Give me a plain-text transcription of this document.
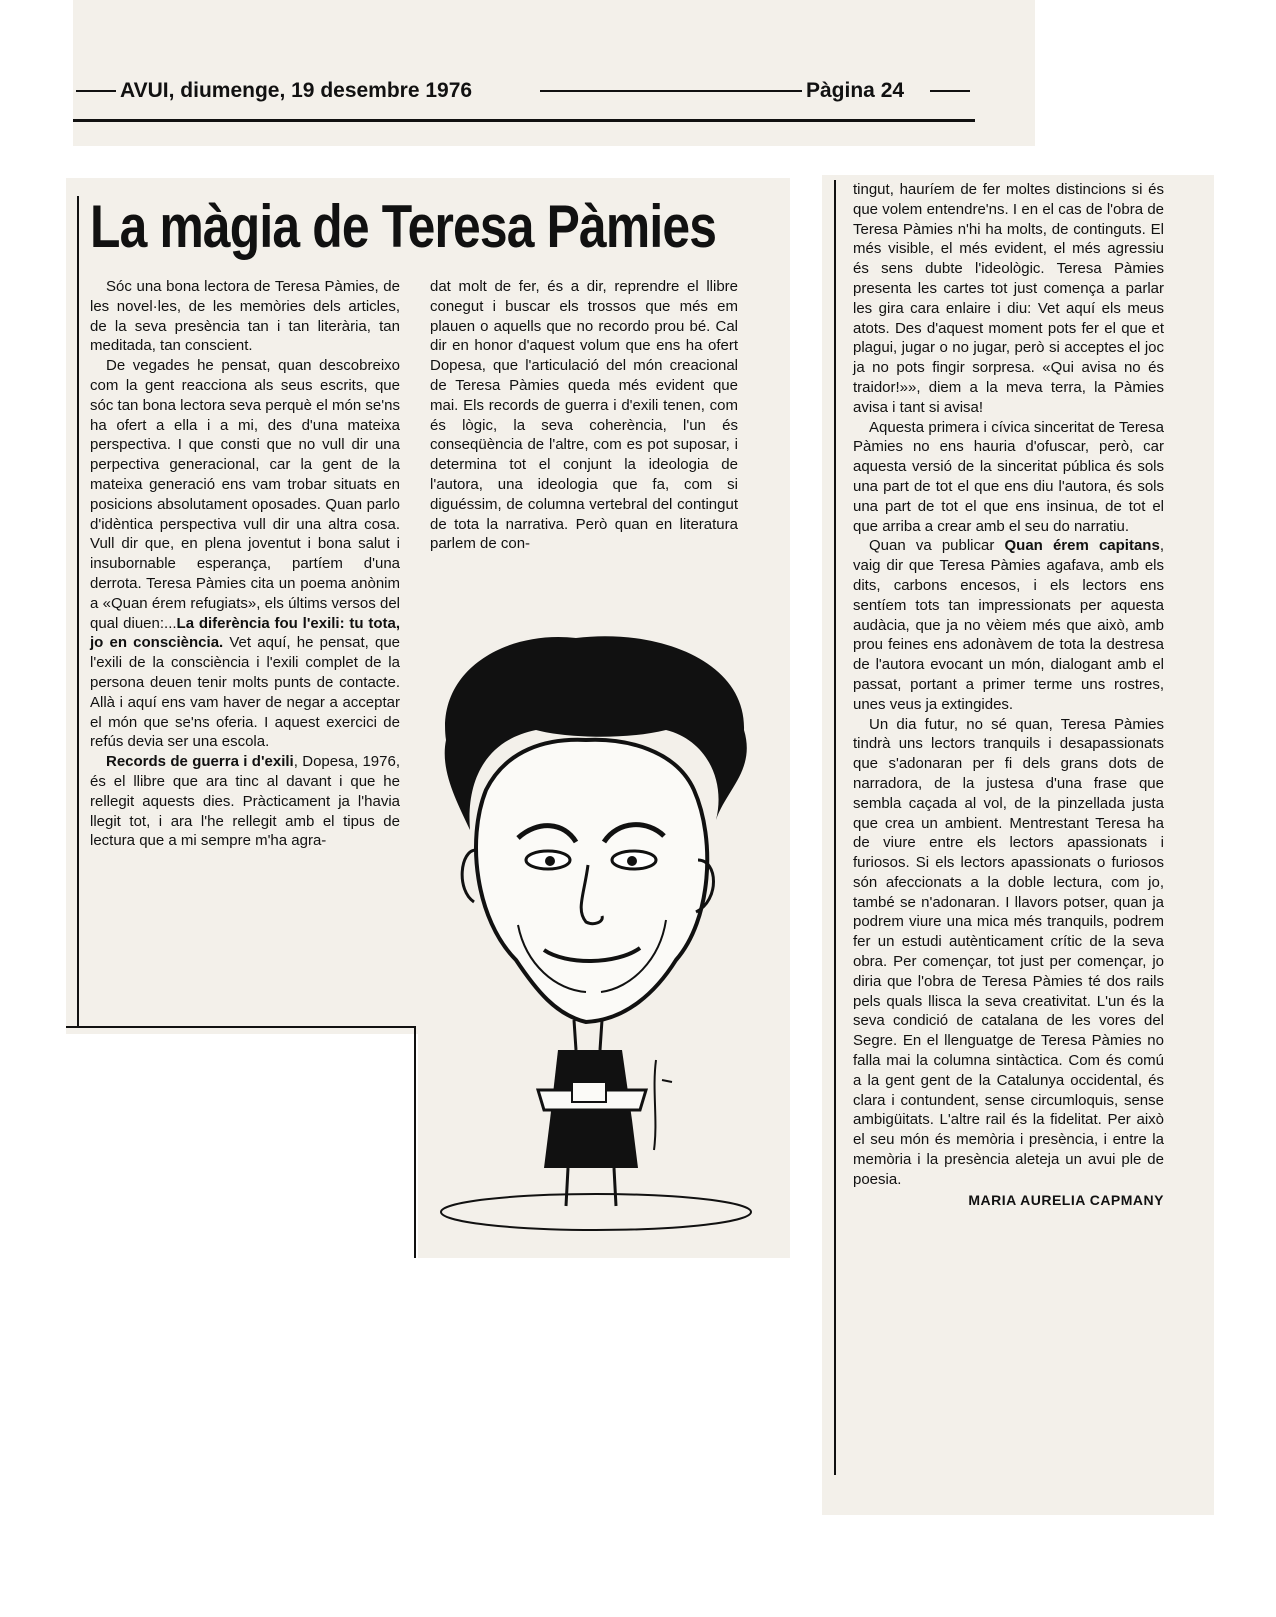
AVUI, diumenge, 19 desembre 1976	Pàgina 24
La màgia de Teresa Pàmies

Sóc una bona lectora de Teresa Pàmies, de les novel·les, de les memòries dels articles, de la seva presència tan i tan literària, tan meditada, tan conscient.

De vegades he pensat, quan descobreixo com la gent reacciona als seus escrits, que sóc tan bona lectora seva perquè el món se'ns ha ofert a ella i a mi, des d'una mateixa perspectiva. I que consti que no vull dir una perpectiva generacional, car la gent de la mateixa generació ens vam trobar situats en posicions absolutament oposades. Quan parlo d'idèntica perspectiva vull dir una altra cosa. Vull dir que, en plena joventut i bona salut i insubornable esperança, partíem d'una derrota. Teresa Pàmies cita un poema anònim a «Quan érem refugiats», els últims versos del qual diuen:...La diferència fou l'exili: tu tota, jo en consciència. Vet aquí, he pensat, que l'exili de la consciència i l'exili complet de la persona deuen tenir molts punts de contacte. Allà i aquí ens vam haver de negar a acceptar el món que se'ns oferia. I aquest exercici de refús devia ser una escola.

Records de guerra i d'exili, Dopesa, 1976, és el llibre que ara tinc al davant i que he rellegit aquests dies. Pràcticament ja l'havia llegit tot, i ara l'he rellegit amb el tipus de lectura que a mi sempre m'ha agra-

dat molt de fer, és a dir, reprendre el llibre conegut i buscar els trossos que més em plauen o aquells que no recordo prou bé. Cal dir en honor d'aquest volum que ens ha ofert Dopesa, que l'articulació del món creacional de Teresa Pàmies queda més evident que mai. Els records de guerra i d'exili tenen, com és lògic, la seva coherència, l'un és conseqüència de l'altre, com es pot suposar, i determina tot el conjunt la ideologia de l'autora, una ideologia que fa, com si diguéssim, de columna vertebral del contingut de tota la narrativa. Però quan en literatura parlem de con-

tingut, hauríem de fer moltes distincions si és que volem entendre'ns. I en el cas de l'obra de Teresa Pàmies n'hi ha molts, de continguts. El més visible, el més evident, el més agressiu és sens dubte l'ideològic. Teresa Pàmies presenta les cartes tot just comença a parlar les gira cara enlaire i diu: Vet aquí els meus atots. Des d'aquest moment pots fer el que et plagui, jugar o no jugar, però si acceptes el joc ja no pots fingir sorpresa. «Qui avisa no és traidor!»», diem a la meva terra, la Pàmies avisa i tant si avisa!

Aquesta primera i cívica sinceritat de Teresa Pàmies no ens hauria d'ofuscar, però, car aquesta versió de la sinceritat pública és sols una part de tot el que ens diu l'autora, és sols una part de tot el que ens insinua, de tot el que arriba a crear amb el seu do narratiu.

Quan va publicar Quan érem capitans, vaig dir que Teresa Pàmies agafava, amb els dits, carbons encesos, i els lectors ens sentíem tots tan impressionats per aquesta audàcia, que ja no vèiem més que això, amb prou feines ens adonàvem de tota la destresa de l'autora evocant un món, dialogant amb el passat, portant a primer terme uns rostres, unes veus ja extingides.

Un dia futur, no sé quan, Teresa Pàmies tindrà uns lectors tranquils i desapassionats que s'adonaran per fi dels grans dots de narradora, de la justesa d'una frase que sembla caçada al vol, de la pinzellada justa que crea un ambient. Mentrestant Teresa ha de viure entre els lectors apassionats i furiosos. Si els lectors apassionats o furiosos són afeccionats a la doble lectura, com jo, també se n'adonaran. I llavors potser, quan ja podrem viure una mica més tranquils, podrem fer un estudi autènticament crític de la seva obra. Per començar, tot just per començar, jo diria que l'obra de Teresa Pàmies té dos rails pels quals llisca la seva creativitat. L'un és la seva condició de catalana de les vores del Segre. En el llenguatge de Teresa Pàmies no falla mai la columna sintàctica. Com és comú a la gent gent de la Catalunya occidental, és clara i contundent, sense circumloquis, sense ambigüitats. L'altre rail és la fidelitat. Per això el seu món és memòria i presència, i entre la memòria i la presència aleteja un avui ple de poesia.

MARIA AURELIA CAPMANY
